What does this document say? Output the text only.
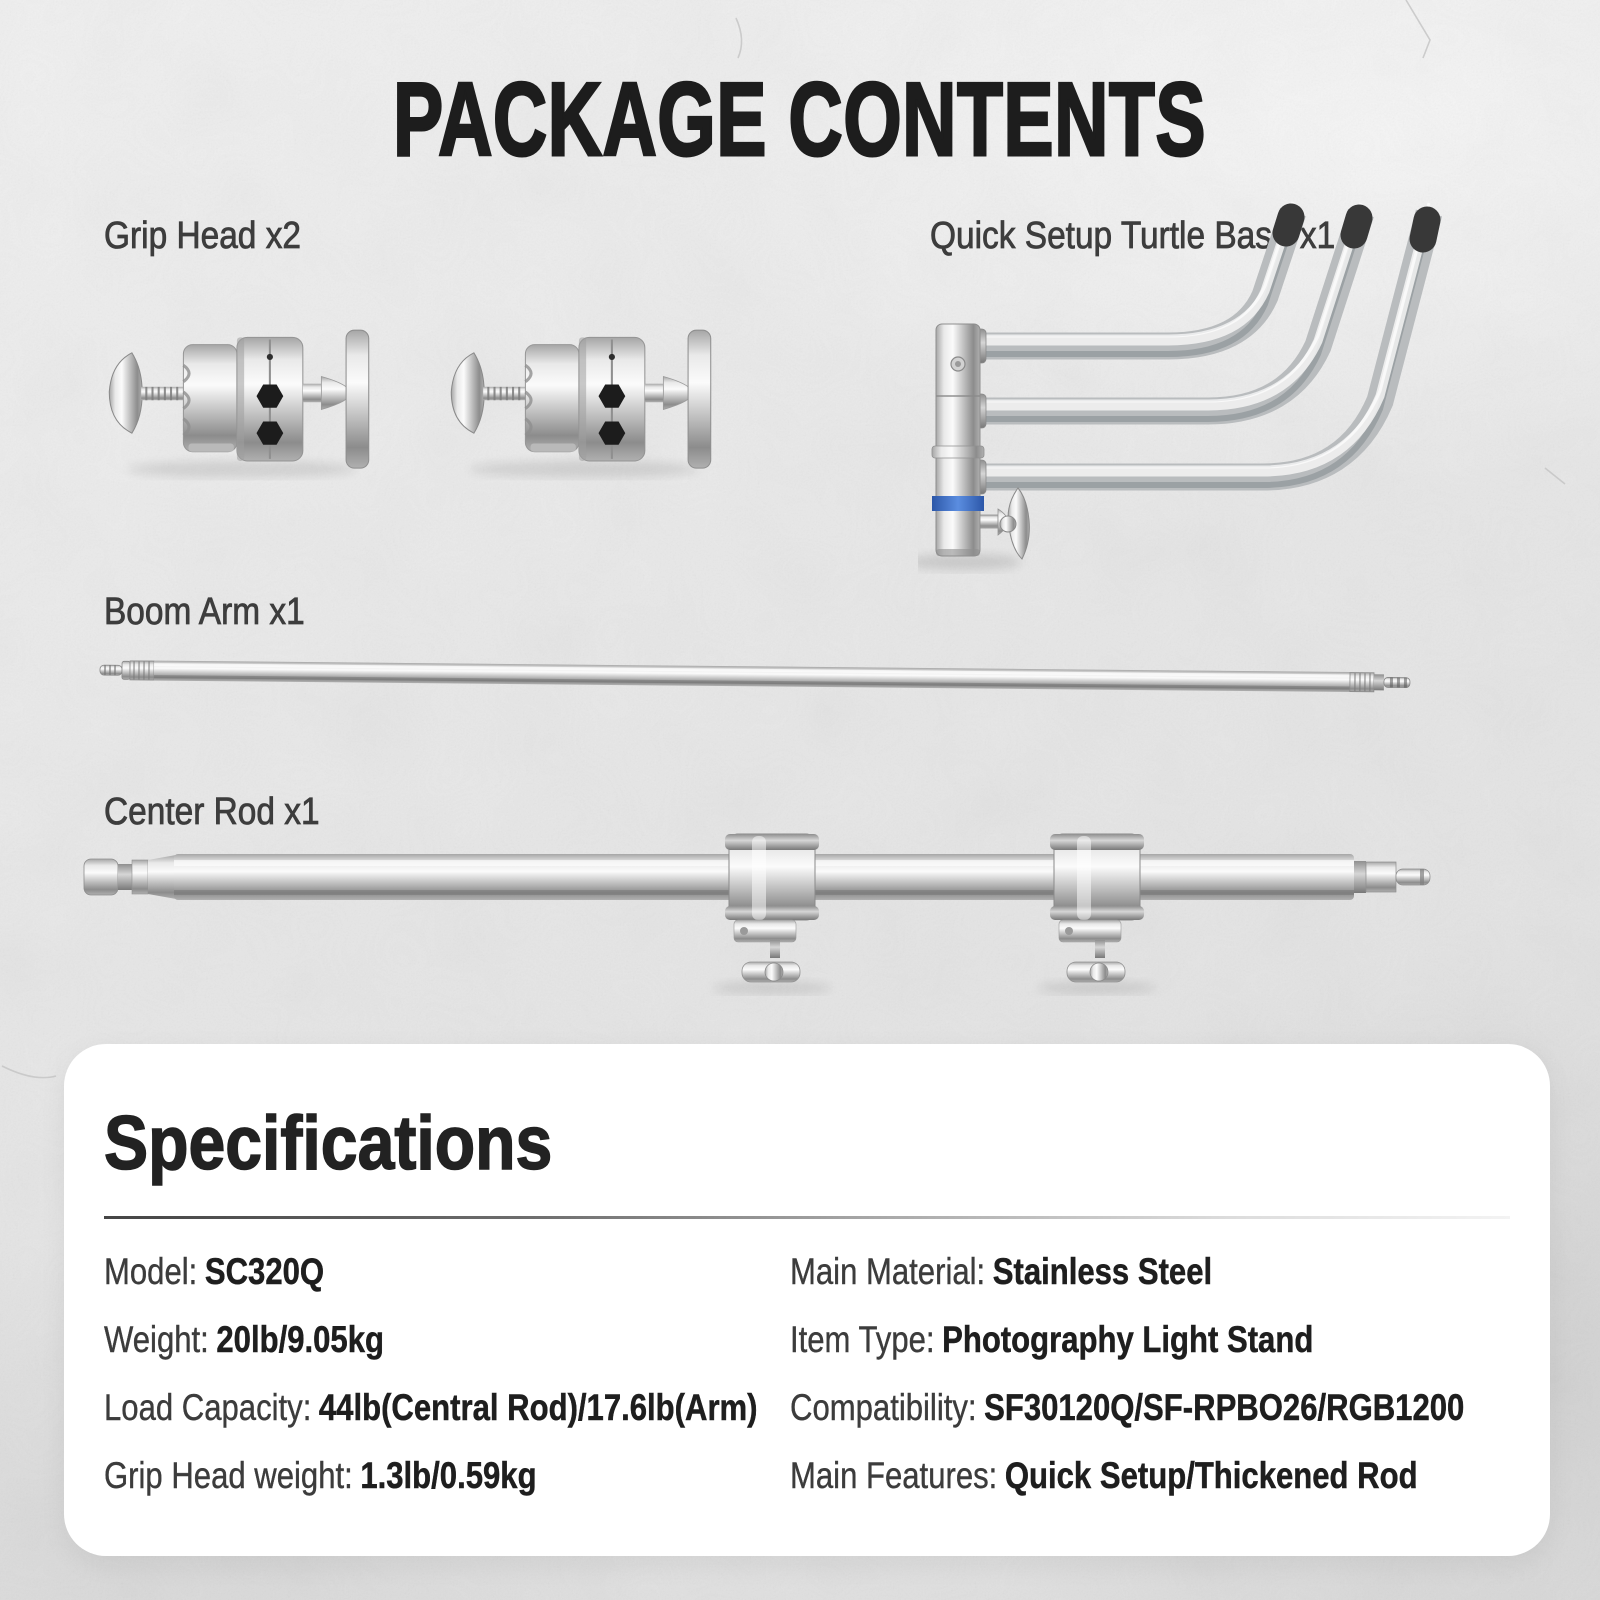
PACKAGE CONTENTS
Grip Head x2	Quick Setup Turtle Base x1
Boom Arm x1
Center Rod x1
Specifications
Model: SC320Q
Weight: 20lb/9.05kg
Load Capacity: 44lb(Central Rod)/17.6lb(Arm)
Grip Head weight: 1.3lb/0.59kg
Main Material: Stainless Steel
Item Type: Photography Light Stand
Compatibility: SF30120Q/SF-RPBO26/RGB1200
Main Features: Quick Setup/Thickened Rod
